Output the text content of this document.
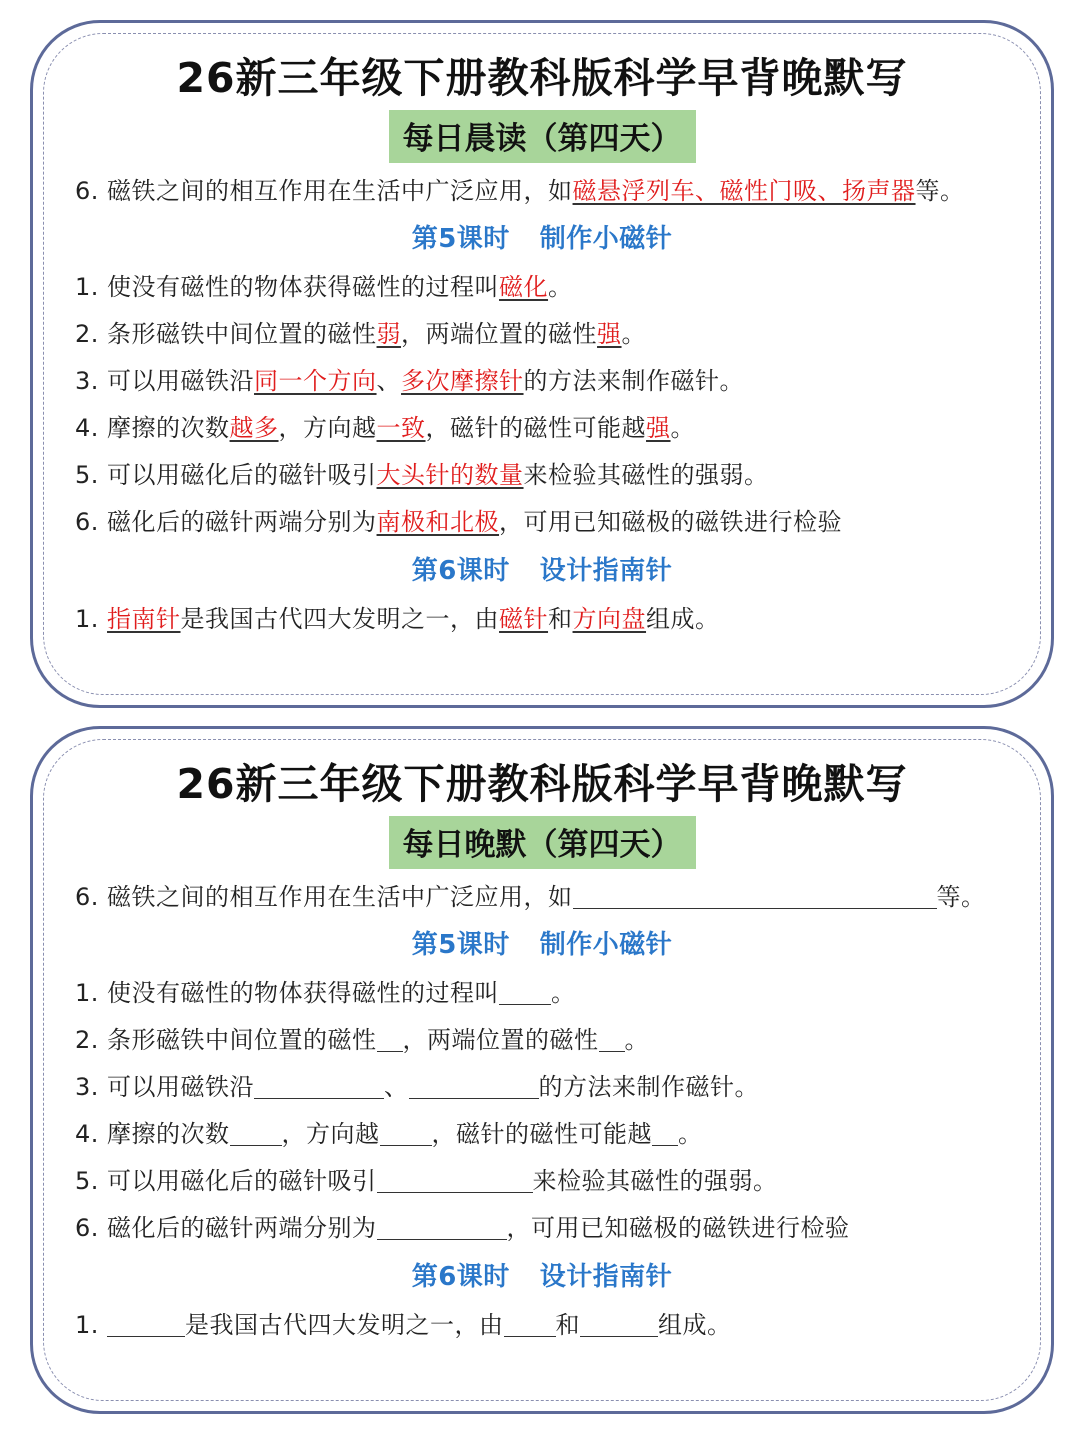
26新三年级下册教科版科学早背晚默写
每日晨读（第四天）
6. 磁铁之间的相互作用在生活中广泛应用，如磁悬浮列车、磁性门吸、扬声器等。
第5课时 制作小磁针
1. 使没有磁性的物体获得磁性的过程叫磁化。
2. 条形磁铁中间位置的磁性弱，两端位置的磁性强。
3. 可以用磁铁沿同一个方向、多次摩擦针的方法来制作磁针。
4. 摩擦的次数越多，方向越一致，磁针的磁性可能越强。
5. 可以用磁化后的磁针吸引大头针的数量来检验其磁性的强弱。
6. 磁化后的磁针两端分别为南极和北极，可用已知磁极的磁铁进行检验
第6课时 设计指南针
1. 指南针是我国古代四大发明之一，由磁针和方向盘组成。
26新三年级下册教科版科学早背晚默写
每日晚默（第四天）
6. 磁铁之间的相互作用在生活中广泛应用，如	等。
第5课时 制作小磁针
1. 使没有磁性的物体获得磁性的过程叫 。
2. 条形磁铁中间位置的磁性 ，两端位置的磁性 。
3. 可以用磁铁沿	、	的方法来制作磁针。
4. 摩擦的次数 ，方向越 ，磁针的磁性可能越 。
5. 可以用磁化后的磁针吸引	来检验其磁性的强弱。
6. 磁化后的磁针两端分别为	，可用已知磁极的磁铁进行检验
第6课时 设计指南针
1.	是我国古代四大发明之一，由 和	组成。
